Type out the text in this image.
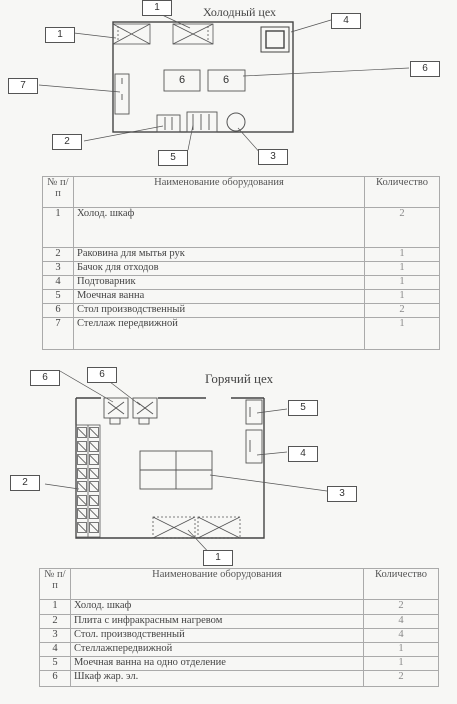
Холодный цех
1
1
4
7
6
2
5	3
6	6
№ п/п	Наименование оборудования	Количество
1	Холод. шкаф	2
2	Раковина для мытья рук	1
3	Бачок для отходов	1
4	Подтоварник	1
5	Моечная ванна	1
6	Стол производственный	2
7	Стеллаж передвижной	1
Горячий цех
6	6
5
4
2
3
1
№ п/п	Наименование оборудования	Количество
1	Холод. шкаф	2
2	Плита с инфракрасным нагревом	4
3	Стол. производственный	4
4	Стеллажпередвижной	1
5	Моечная ванна на одно отделение	1
6	Шкаф жар. эл.	2
